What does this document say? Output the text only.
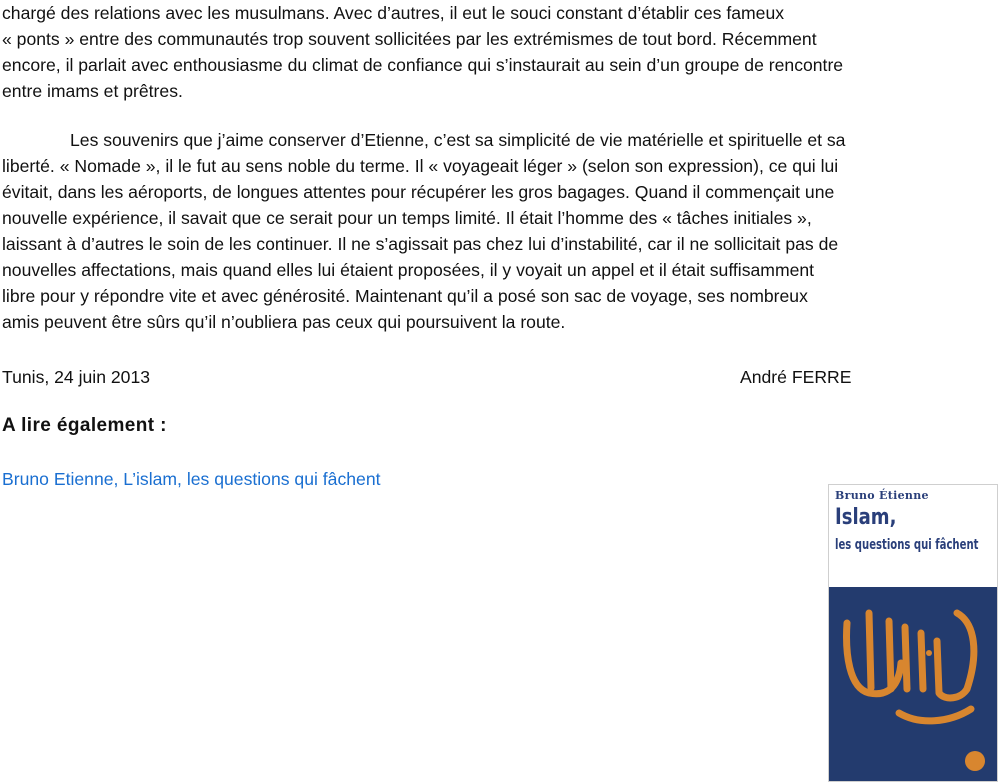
chargé des relations avec les musulmans. Avec d’autres, il eut le souci constant d’établir ces fameux
« ponts » entre des communautés trop souvent sollicitées par les extrémismes de tout bord. Récemment
encore, il parlait avec enthousiasme du climat de confiance qui s’instaurait au sein d’un groupe de rencontre
entre imams et prêtres.
Les souvenirs que j’aime conserver d’Etienne, c’est sa simplicité de vie matérielle et spirituelle et sa
liberté. « Nomade », il le fut au sens noble du terme. Il « voyageait léger » (selon son expression), ce qui lui
évitait, dans les aéroports, de longues attentes pour récupérer les gros bagages. Quand il commençait une
nouvelle expérience, il savait que ce serait pour un temps limité. Il était l’homme des « tâches initiales »,
laissant à d’autres le soin de les continuer. Il ne s’agissait pas chez lui d’instabilité, car il ne sollicitait pas de
nouvelles affectations, mais quand elles lui étaient proposées, il y voyait un appel et il était suffisamment
libre pour y répondre vite et avec générosité. Maintenant qu’il a posé son sac de voyage, ses nombreux
amis peuvent être sûrs qu’il n’oubliera pas ceux qui poursuivent la route.
Tunis, 24 juin 2013	André FERRE
A lire également :
Bruno Etienne, L’islam, les questions qui fâchent
Bruno Étienne
Islam,
les questions qui fâchent
